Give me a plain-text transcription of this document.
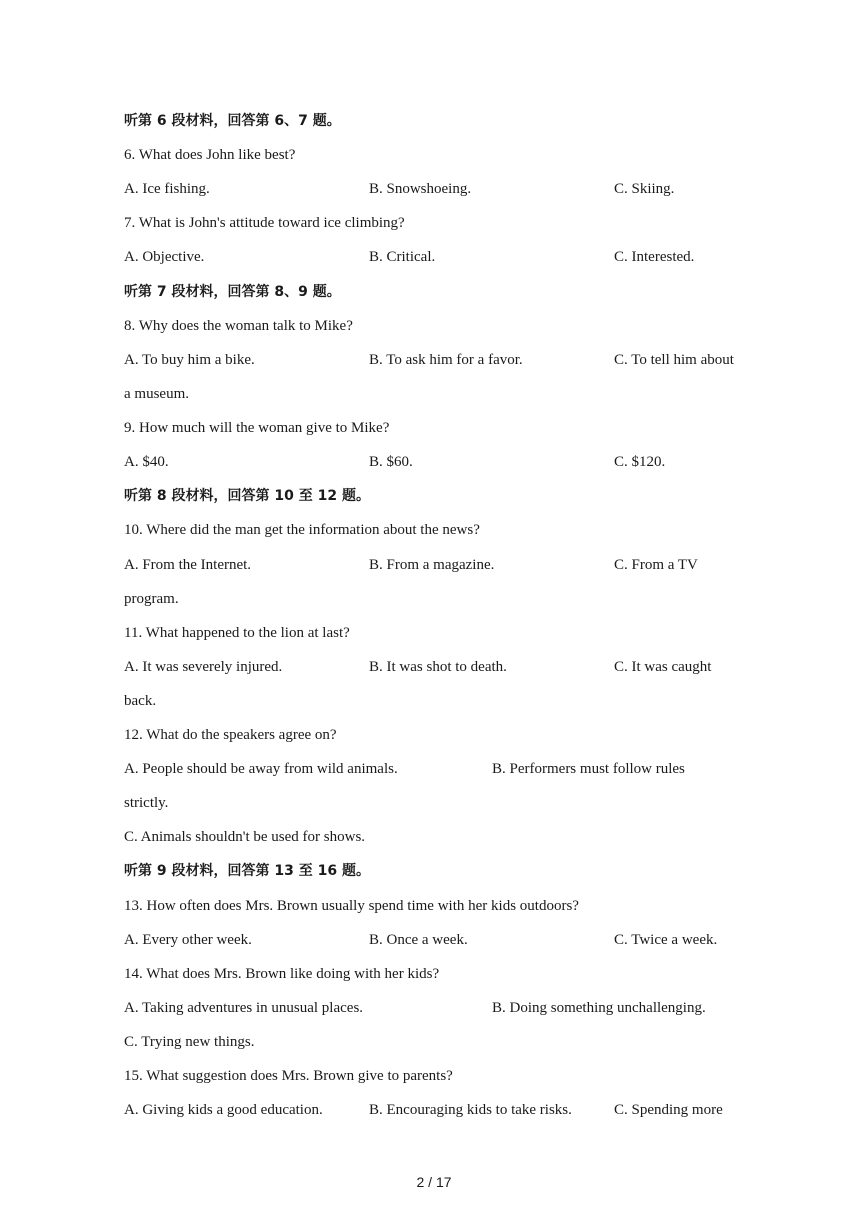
听第 6 段材料，回答第 6、7 题。
6. What does John like best?
A. Ice fishing.	B. Snowshoeing.	C. Skiing.
7. What is John's attitude toward ice climbing?
A. Objective.	B. Critical.	C. Interested.
听第 7 段材料，回答第 8、9 题。
8. Why does the woman talk to Mike?
A. To buy him a bike.	B. To ask him for a favor.	C. To tell him about
a museum.
9. How much will the woman give to Mike?
A. $40.	B. $60.	C. $120.
听第 8 段材料，回答第 10 至 12 题。
10. Where did the man get the information about the news?
A. From the Internet.	B. From a magazine.	C. From a TV
program.
11. What happened to the lion at last?
A. It was severely injured.	B. It was shot to death.	C. It was caught
back.
12. What do the speakers agree on?
A. People should be away from wild animals.	B. Performers must follow rules
strictly.
C. Animals shouldn't be used for shows.
听第 9 段材料，回答第 13 至 16 题。
13. How often does Mrs. Brown usually spend time with her kids outdoors?
A. Every other week.	B. Once a week.	C. Twice a week.
14. What does Mrs. Brown like doing with her kids?
A. Taking adventures in unusual places.	B. Doing something unchallenging.
C. Trying new things.
15. What suggestion does Mrs. Brown give to parents?
A. Giving kids a good education.	B. Encouraging kids to take risks.	C. Spending more
2 / 17
